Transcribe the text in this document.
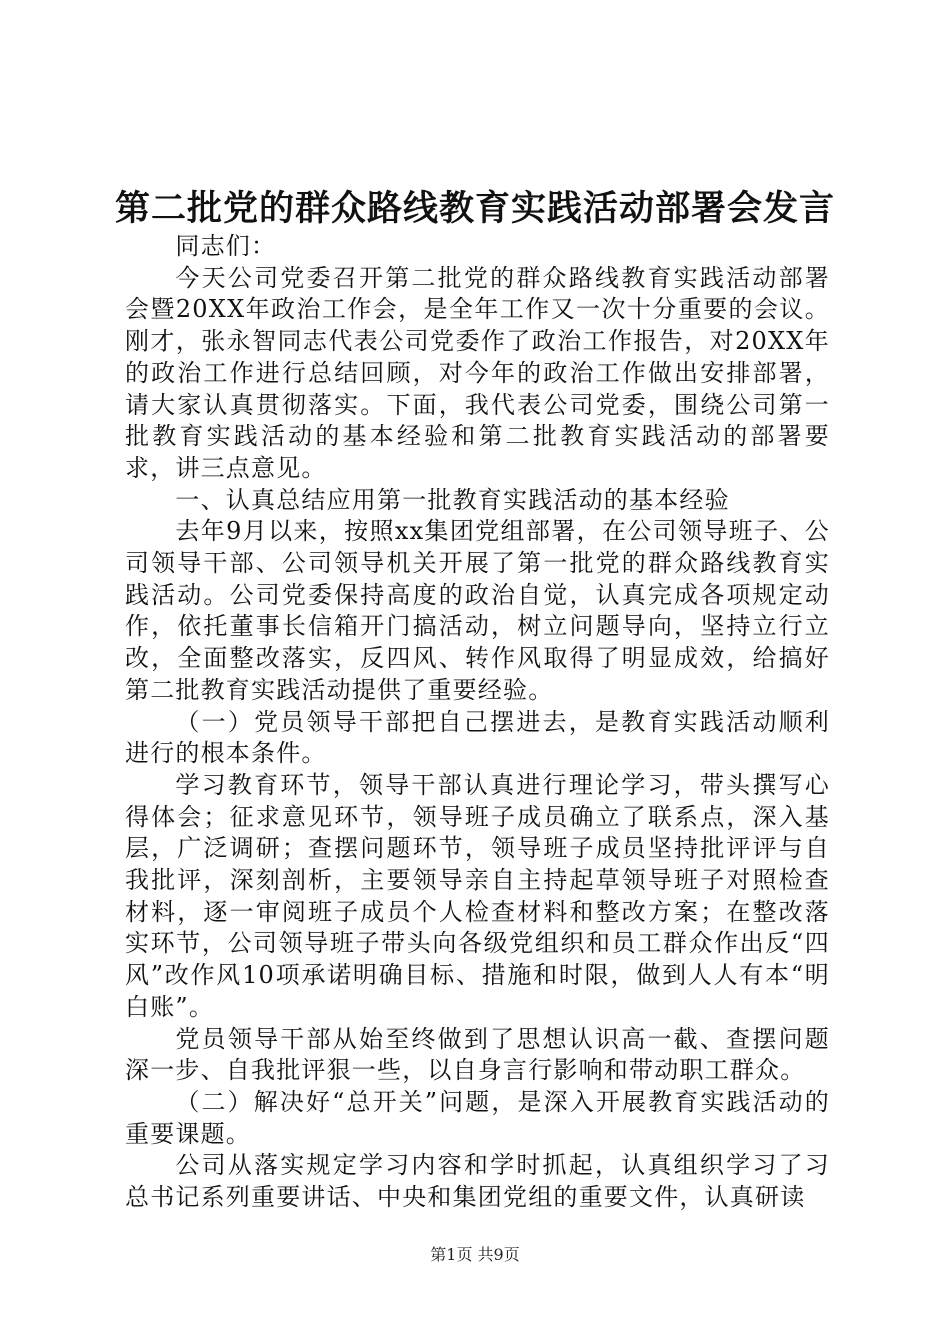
第二批党的群众路线教育实践活动部署会发言

同志们：

今天公司党委召开第二批党的群众路线教育实践活动部署会暨20XX年政治工作会，是全年工作又一次十分重要的会议。刚才，张永智同志代表公司党委作了政治工作报告，对20XX年的政治工作进行总结回顾，对今年的政治工作做出安排部署，请大家认真贯彻落实。下面，我代表公司党委，围绕公司第一批教育实践活动的基本经验和第二批教育实践活动的部署要求，讲三点意见。

一、认真总结应用第一批教育实践活动的基本经验

去年9月以来，按照xx集团党组部署，在公司领导班子、公司领导干部、公司领导机关开展了第一批党的群众路线教育实践活动。公司党委保持高度的政治自觉，认真完成各项规定动作，依托董事长信箱开门搞活动，树立问题导向，坚持立行立改，全面整改落实，反四风、转作风取得了明显成效，给搞好第二批教育实践活动提供了重要经验。

（一）党员领导干部把自己摆进去，是教育实践活动顺利进行的根本条件。

学习教育环节，领导干部认真进行理论学习，带头撰写心得体会；征求意见环节，领导班子成员确立了联系点，深入基层，广泛调研；查摆问题环节，领导班子成员坚持批评评与自我批评，深刻剖析，主要领导亲自主持起草领导班子对照检查材料，逐一审阅班子成员个人检查材料和整改方案；在整改落实环节，公司领导班子带头向各级党组织和员工群众作出反“四风”改作风10项承诺明确目标、措施和时限，做到人人有本“明白账”。

党员领导干部从始至终做到了思想认识高一截、查摆问题深一步、自我批评狠一些，以自身言行影响和带动职工群众。

（二）解决好“总开关”问题，是深入开展教育实践活动的重要课题。

公司从落实规定学习内容和学时抓起，认真组织学习了习总书记系列重要讲话、中央和集团党组的重要文件，认真研读

第1页 共9页
